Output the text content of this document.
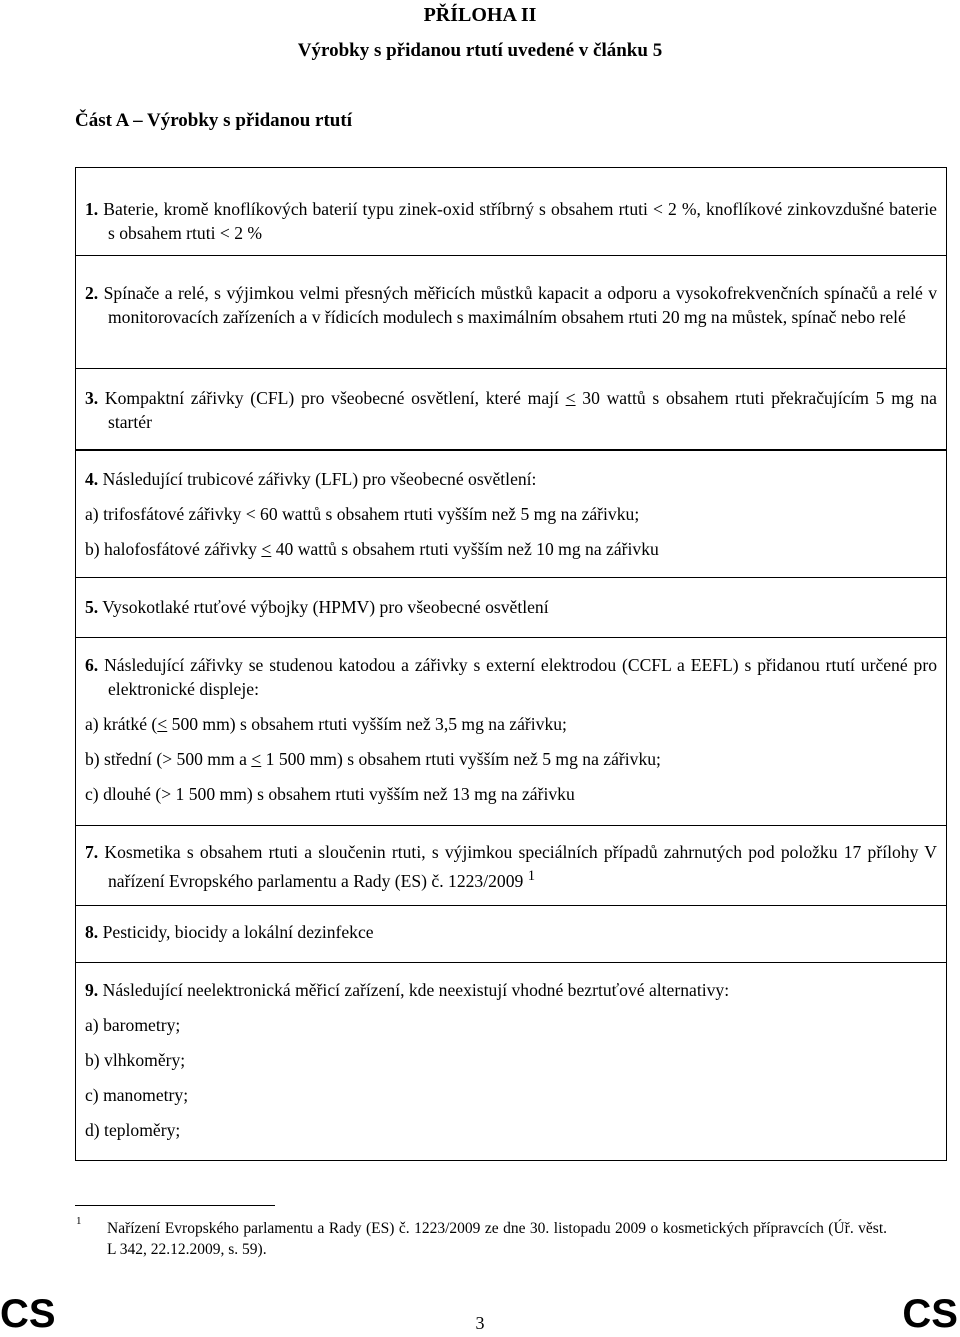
PŘÍLOHA II
Výrobky s přidanou rtutí uvedené v článku 5
Část A – Výrobky s přidanou rtutí

1. Baterie, kromě knoflíkových baterií typu zinek-oxid stříbrný s obsahem rtuti < 2 %, knoflíkové zinkovzdušné baterie s obsahem rtuti < 2 %

2. Spínače a relé, s výjimkou velmi přesných měřicích můstků kapacit a odporu a vysokofrekvenčních spínačů a relé v monitorovacích zařízeních a v řídicích modulech s maximálním obsahem rtuti 20 mg na můstek, spínač nebo relé

3. Kompaktní zářivky (CFL) pro všeobecné osvětlení, které mají ≤ 30 wattů s obsahem rtuti překračujícím 5 mg na startér

4. Následující trubicové zářivky (LFL) pro všeobecné osvětlení:

a) trifosfátové zářivky < 60 wattů s obsahem rtuti vyšším než 5 mg na zářivku;

b) halofosfátové zářivky ≤ 40 wattů s obsahem rtuti vyšším než 10 mg na zářivku

5. Vysokotlaké rtuťové výbojky (HPMV) pro všeobecné osvětlení

6. Následující zářivky se studenou katodou a zářivky s externí elektrodou (CCFL a EEFL) s přidanou rtutí určené pro elektronické displeje:

a) krátké (≤ 500 mm) s obsahem rtuti vyšším než 3,5 mg na zářivku;

b) střední (> 500 mm a < 1 500 mm) s obsahem rtuti vyšším než 5 mg na zářivku;

c) dlouhé (> 1 500 mm) s obsahem rtuti vyšším než 13 mg na zářivku

7. Kosmetika s obsahem rtuti a sloučenin rtuti, s výjimkou speciálních případů zahrnutých pod položku 17 přílohy V nařízení Evropského parlamentu a Rady (ES) č. 1223/2009 $^1$

8. Pesticidy, biocidy a lokální dezinfekce

9. Následující neelektronická měřicí zařízení, kde neexistují vhodné bezrtuťové alternativy:

a) barometry;

b) vlhkoměry;

c) manometry;

d) teploměry;

1 Nařízení Evropského parlamentu a Rady (ES) č. 1223/2009 ze dne 30. listopadu 2009 o kosmetických přípravcích (Úř. věst. L 342, 22.12.2009, s. 59).
CS	3	CS
